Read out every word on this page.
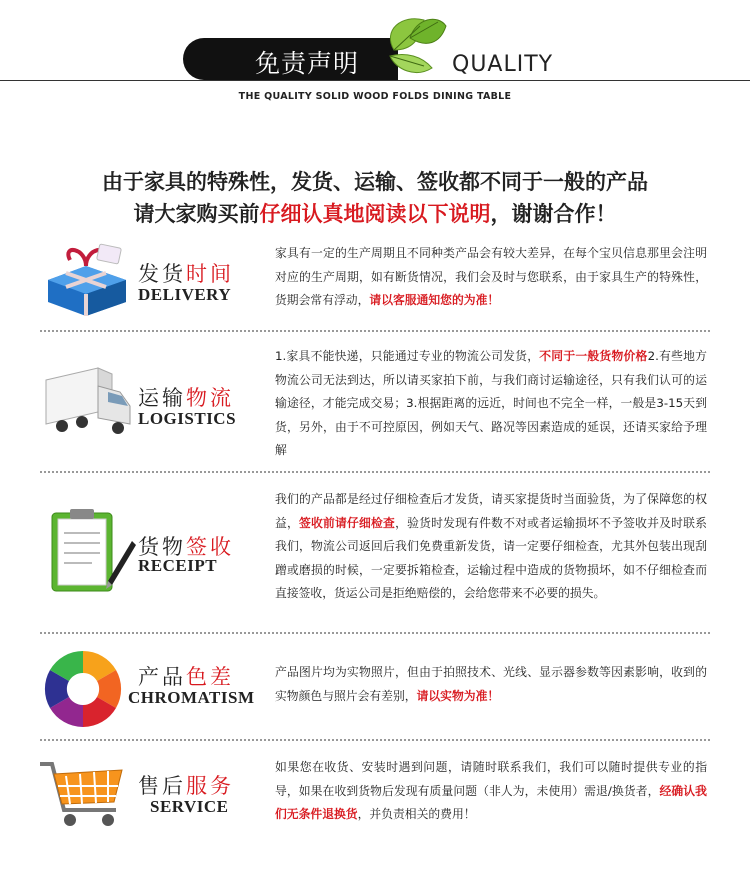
免责声明	QUALITY
THE QUALITY SOLID WOOD FOLDS DINING TABLE
由于家具的特殊性，发货、运输、签收都不同于一般的产品
请大家购买前仔细认真地阅读以下说明，谢谢合作！
发货时间
DELIVERY
家具有一定的生产周期且不同种类产品会有较大差异，在每个宝贝信息那里会注明对应的生产周期，如有断货情况，我们会及时与您联系，由于家具生产的特殊性，货期会常有浮动，请以客服通知您的为准！
运输物流
LOGISTICS
1.家具不能快递，只能通过专业的物流公司发货，不同于一般货物价格2.有些地方物流公司无法到达，所以请买家拍下前，与我们商讨运输途径，只有我们认可的运输途径，才能完成交易；3.根据距离的远近，时间也不完全一样，一般是3-15天到货，另外，由于不可控原因，例如天气、路况等因素造成的延误，还请买家给予理解
货物签收
RECEIPT
我们的产品都是经过仔细检查后才发货，请买家提货时当面验货，为了保障您的权益，签收前请仔细检查，验货时发现有件数不对或者运输损坏不予签收并及时联系我们，物流公司返回后我们免费重新发货，请一定要仔细检查，尤其外包装出现刮蹭或磨损的时候，一定要拆箱检查，运输过程中造成的货物损坏，如不仔细检查而直接签收，货运公司是拒绝赔偿的，会给您带来不必要的损失。
产品色差
CHROMATISM
产品图片均为实物照片，但由于拍照技术、光线、显示器参数等因素影响，收到的实物颜色与照片会有差别，请以实物为准！
售后服务
SERVICE
如果您在收货、安装时遇到问题，请随时联系我们，我们可以随时提供专业的指导，如果在收到货物后发现有质量问题（非人为，未使用）需退/换货者，经确认我们无条件退换货，并负责相关的费用！
